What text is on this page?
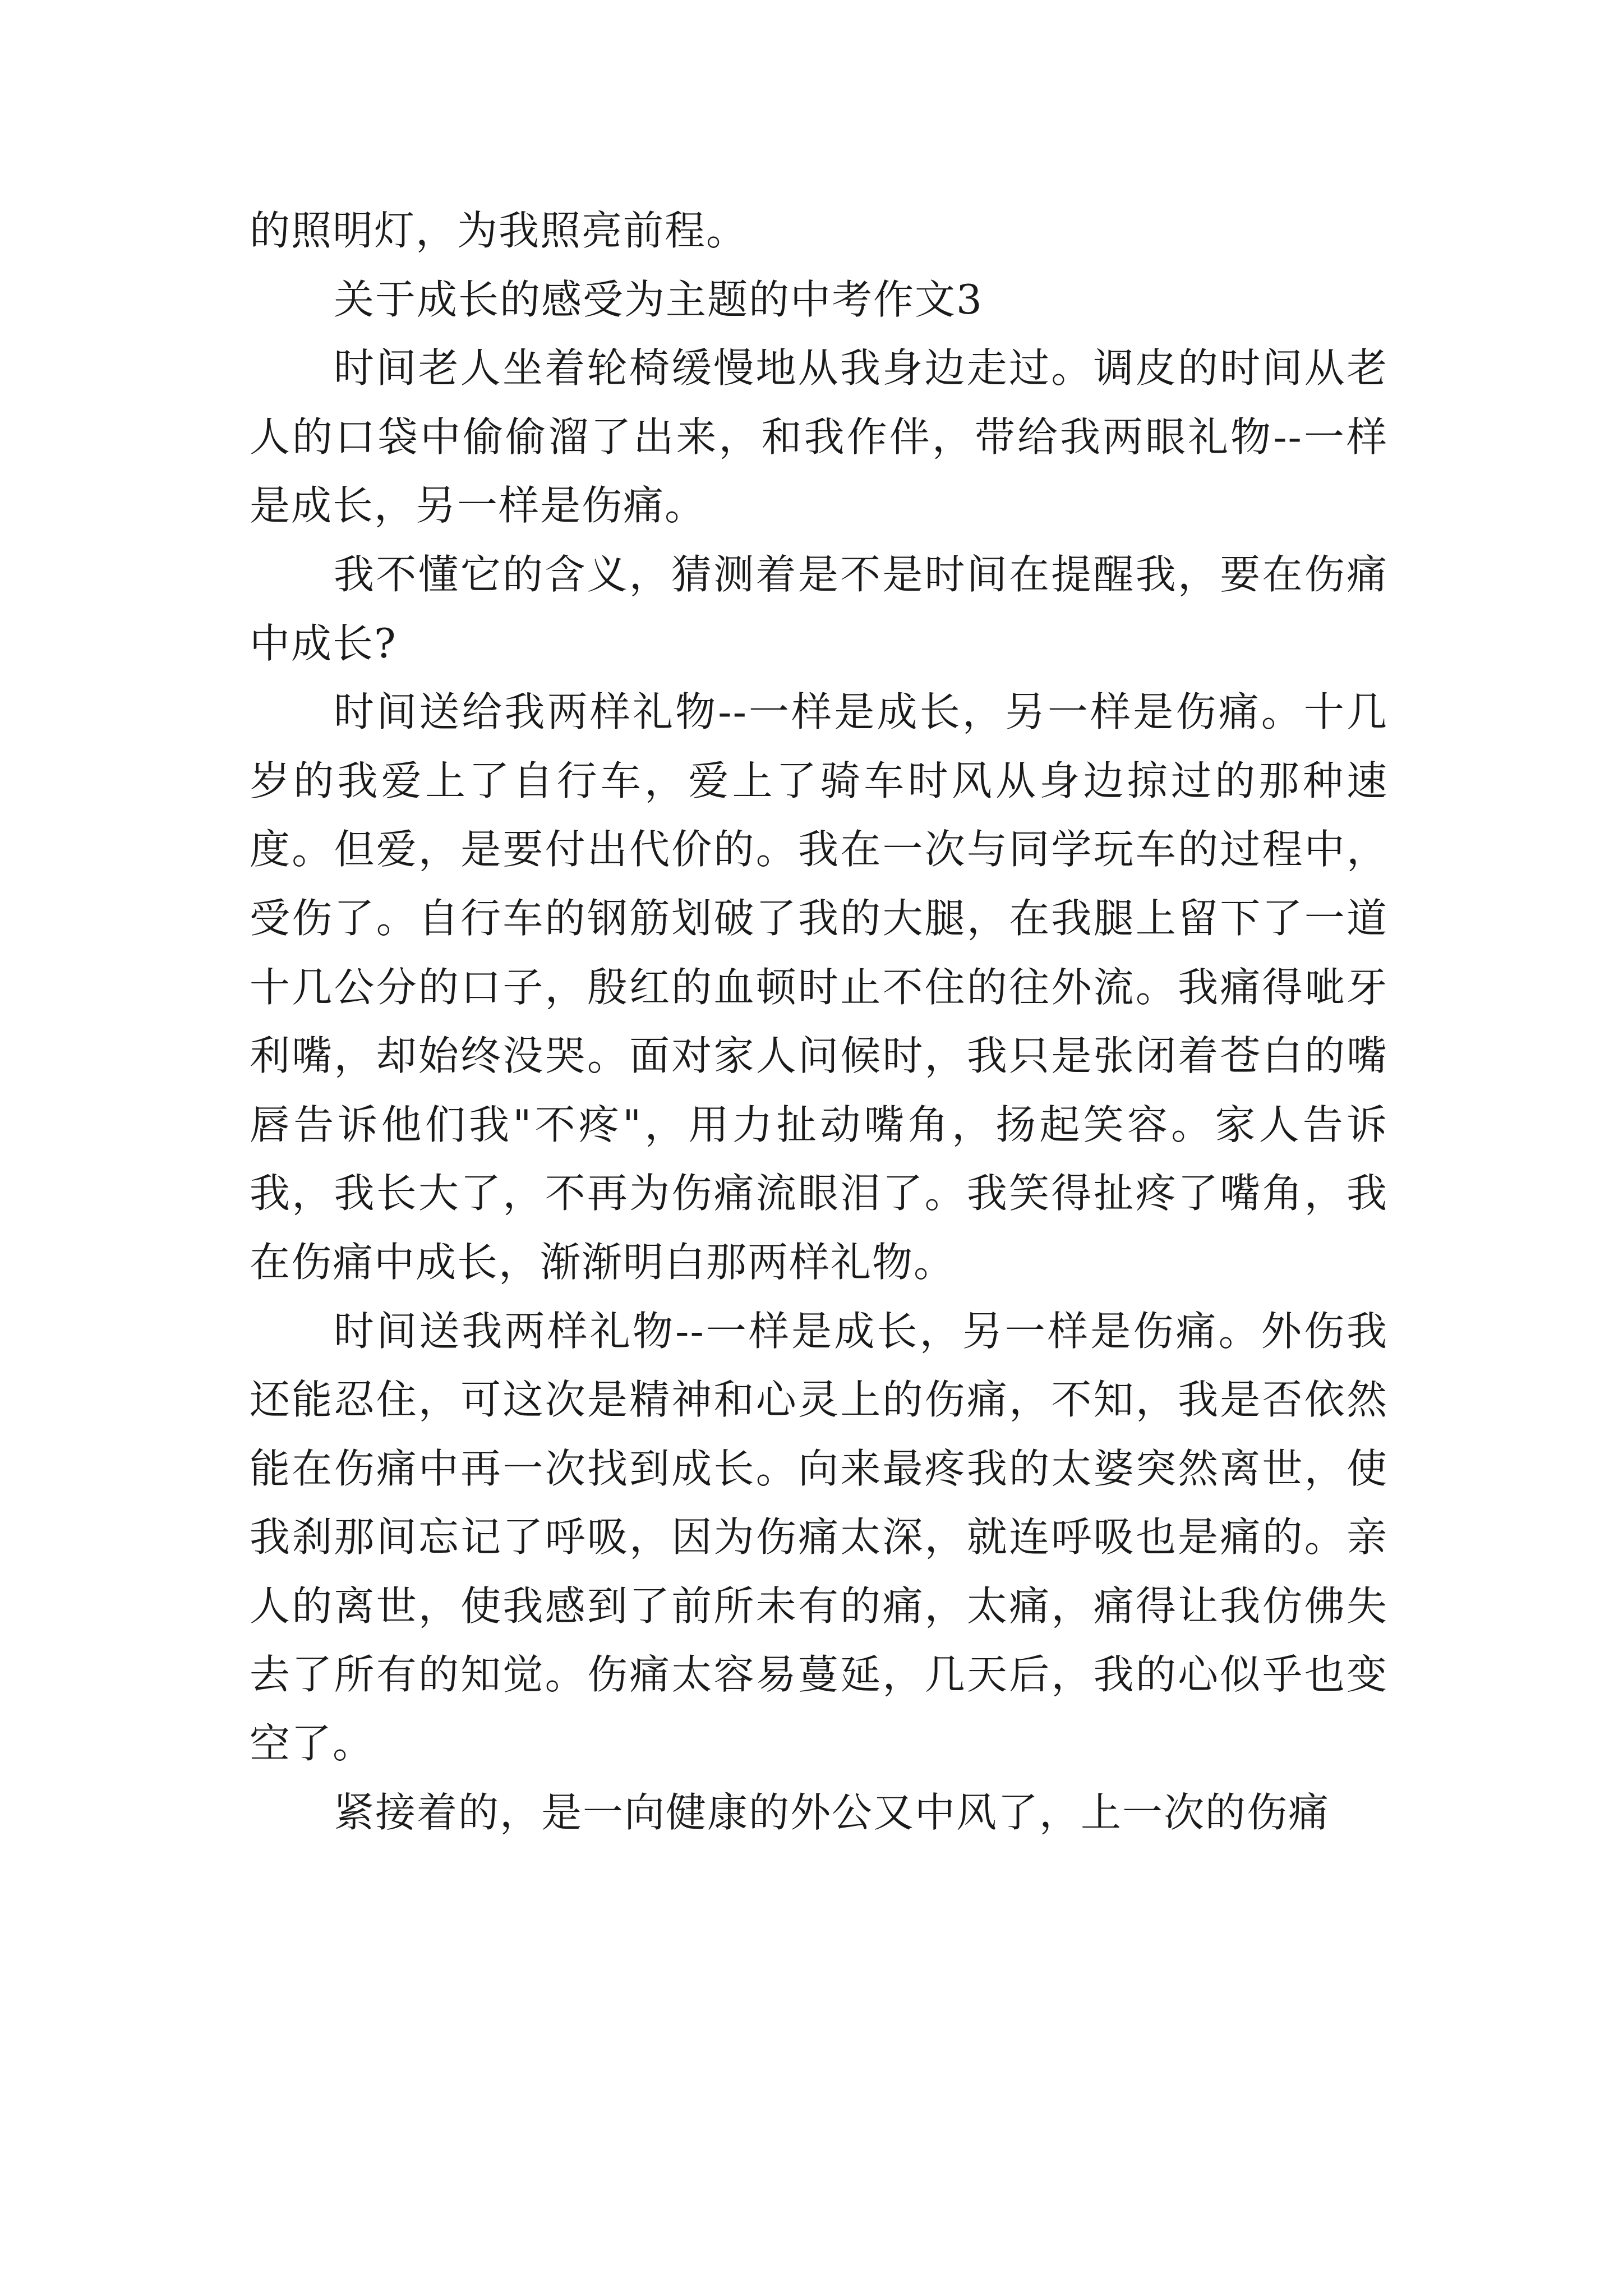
的照明灯，为我照亮前程。

关于成长的感受为主题的中考作文3

时间老人坐着轮椅缓慢地从我身边走过。调皮的时间从老人的口袋中偷偷溜了出来，和我作伴，带给我两眼礼物--一样是成长，另一样是伤痛。

我不懂它的含义，猜测着是不是时间在提醒我，要在伤痛中成长?

时间送给我两样礼物--一样是成长，另一样是伤痛。十几岁的我爱上了自行车，爱上了骑车时风从身边掠过的那种速度。但爱，是要付出代价的。我在一次与同学玩车的过程中，受伤了。自行车的钢筋划破了我的大腿，在我腿上留下了一道十几公分的口子，殷红的血顿时止不住的往外流。我痛得呲牙利嘴，却始终没哭。面对家人问候时，我只是张闭着苍白的嘴唇告诉他们我"不疼"，用力扯动嘴角，扬起笑容。家人告诉我，我长大了，不再为伤痛流眼泪了。我笑得扯疼了嘴角，我在伤痛中成长，渐渐明白那两样礼物。

时间送我两样礼物--一样是成长，另一样是伤痛。外伤我还能忍住，可这次是精神和心灵上的伤痛，不知，我是否依然能在伤痛中再一次找到成长。向来最疼我的太婆突然离世，使我刹那间忘记了呼吸，因为伤痛太深，就连呼吸也是痛的。亲人的离世，使我感到了前所未有的痛，太痛，痛得让我仿佛失去了所有的知觉。伤痛太容易蔓延，几天后，我的心似乎也变空了。

紧接着的，是一向健康的外公又中风了，上一次的伤痛
